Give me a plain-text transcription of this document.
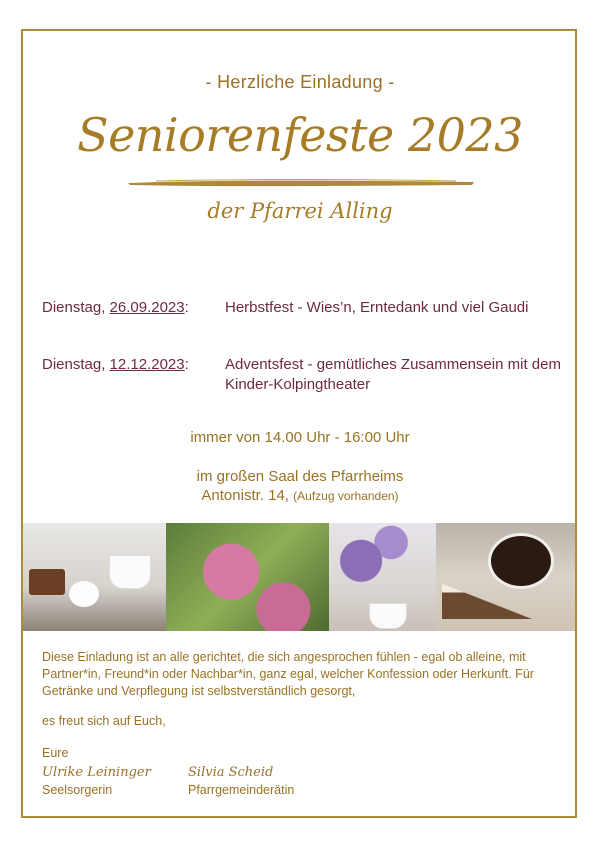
- Herzliche Einladung -
Seniorenfeste 2023
der Pfarrei Alling
Dienstag, 26.09.2023: Herbstfest - Wies’n, Erntedank und viel Gaudi
Dienstag, 12.12.2023: Adventsfest - gemütliches Zusammensein mit dem Kinder-Kolpingtheater
immer von 14.00 Uhr - 16:00 Uhr
im großen Saal des Pfarrheims
Antonistr. 14, (Aufzug vorhanden)
Diese Einladung ist an alle gerichtet, die sich angesprochen fühlen - egal ob alleine, mit Partner*in, Freund*in oder Nachbar*in, ganz egal, welcher Konfession oder Herkunft. Für Getränke und Verpflegung ist selbstverständlich gesorgt,
es freut sich auf Euch,
Eure
Ulrike Leininger	Silvia Scheid
Seelsorgerin	Pfarrgemeinderätin
